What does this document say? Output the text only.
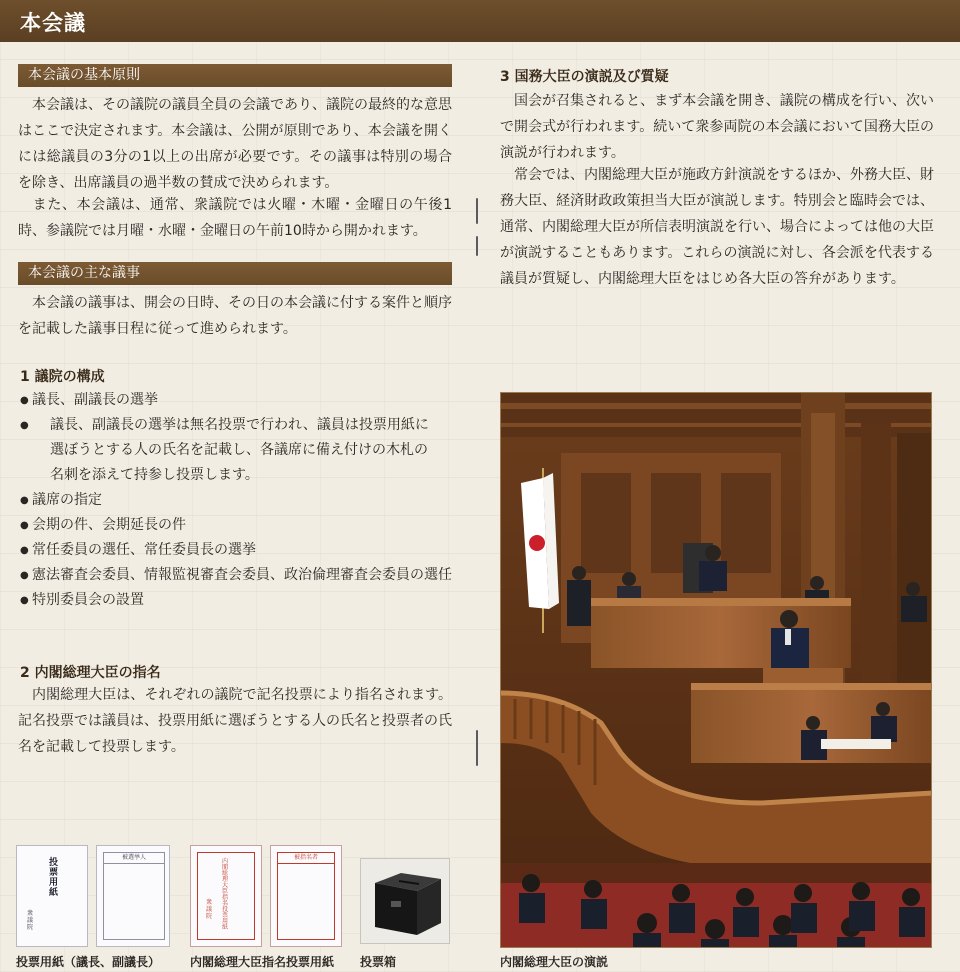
本会議
本会議の基本原則
　本会議は、その議院の議員全員の会議であり、議院の最終的な意思はここで決定されます。本会議は、公開が原則であり、本会議を開くには総議員の3分の1以上の出席が必要です。その議事は特別の場合を除き、出席議員の過半数の賛成で決められます。
　また、本会議は、通常、衆議院では火曜・木曜・金曜日の午後1時、参議院では月曜・水曜・金曜日の午前10時から開かれます。
本会議の主な議事
　本会議の議事は、開会の日時、その日の本会議に付する案件と順序を記載した議事日程に従って進められます。
1 議院の構成
● 議長、副議長の選挙
● 議長、副議長の選挙は無名投票で行われ、議員は投票用紙に選ぼうとする人の氏名を記載し、各議席に備え付けの木札の名刺を添えて持参し投票します。
● 議席の指定
● 会期の件、会期延長の件
● 常任委員の選任、常任委員長の選挙
● 憲法審査会委員、情報監視審査会委員、政治倫理審査会委員の選任
● 特別委員会の設置
2 内閣総理大臣の指名
　内閣総理大臣は、それぞれの議院で記名投票により指名されます。記名投票では議員は、投票用紙に選ぼうとする人の氏名と投票者の氏名を記載して投票します。
3 国務大臣の演説及び質疑
　国会が召集されると、まず本会議を開き、議院の構成を行い、次いで開会式が行われます。続いて衆参両院の本会議において国務大臣の演説が行われます。
　常会では、内閣総理大臣が施政方針演説をするほか、外務大臣、財務大臣、経済財政政策担当大臣が演説します。特別会と臨時会では、通常、内閣総理大臣が所信表明演説を行い、場合によっては他の大臣が演説することもあります。これらの演説に対し、各会派を代表する議員が質疑し、内閣総理大臣をはじめ各大臣の答弁があります。
内閣総理大臣の演説
投票用紙
衆議院
被選挙人
投票用紙（議長、副議長）
内閣総理大臣指名投票用紙
衆議院
被指名者
内閣総理大臣指名投票用紙 投票箱
